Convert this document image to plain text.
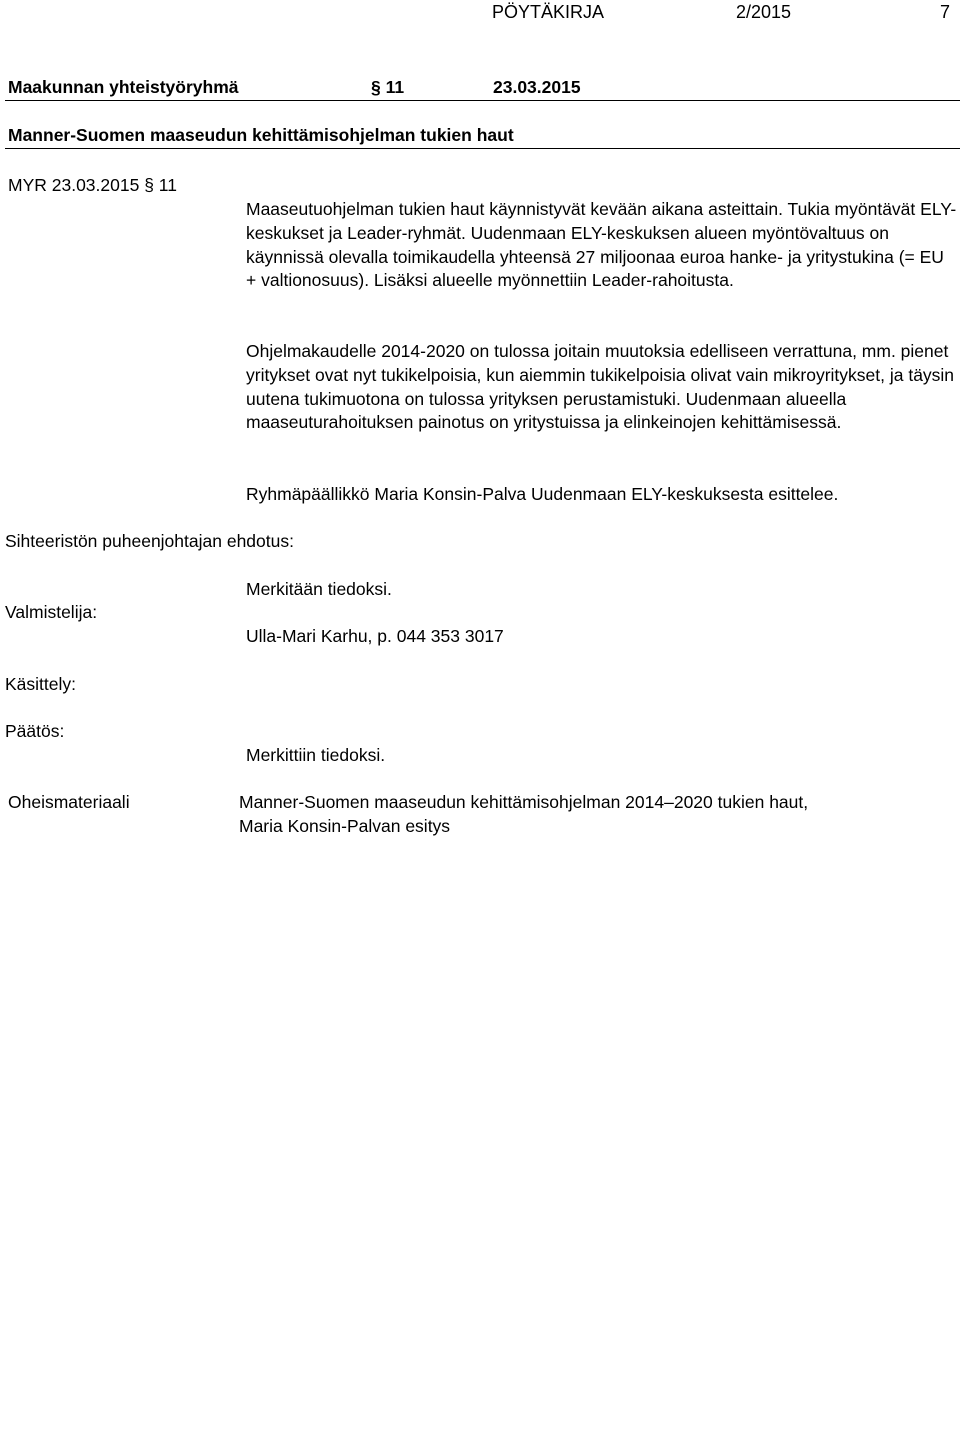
PÖYTÄKIRJA	2/2015	7
Maakunnan yhteistyöryhmä	§ 11	23.03.2015
Manner-Suomen maaseudun kehittämisohjelman tukien haut
MYR 23.03.2015 § 11

Maaseutuohjelman tukien haut käynnistyvät kevään aikana asteittain. Tukia myöntävät ELY-keskukset ja Leader-ryhmät. Uudenmaan ELY-keskuksen alueen myöntövaltuus on käynnissä olevalla toimikaudella yhteensä 27 miljoonaa euroa hanke- ja yritystukina (= EU + valtionosuus). Lisäksi alueelle myönnettiin Leader-rahoitusta.

Ohjelmakaudelle 2014-2020 on tulossa joitain muutoksia edelliseen verrattuna, mm. pienet yritykset ovat nyt tukikelpoisia, kun aiemmin tukikelpoisia olivat vain mikroyritykset, ja täysin uutena tukimuotona on tulossa yrityksen perustamistuki. Uudenmaan alueella maaseuturahoituksen painotus on yritystuissa ja elinkeinojen kehittämisessä.

Ryhmäpäällikkö Maria Konsin-Palva Uudenmaan ELY-keskuksesta esittelee.

Sihteeristön puheenjohtajan ehdotus:
Merkitään tiedoksi.
Valmistelija:
Ulla-Mari Karhu, p. 044 353 3017
Käsittely:
Päätös:
Merkittiin tiedoksi.
Oheismateriaali	Manner-Suomen maaseudun kehittämisohjelman 2014–2020 tukien haut,
Maria Konsin-Palvan esitys
